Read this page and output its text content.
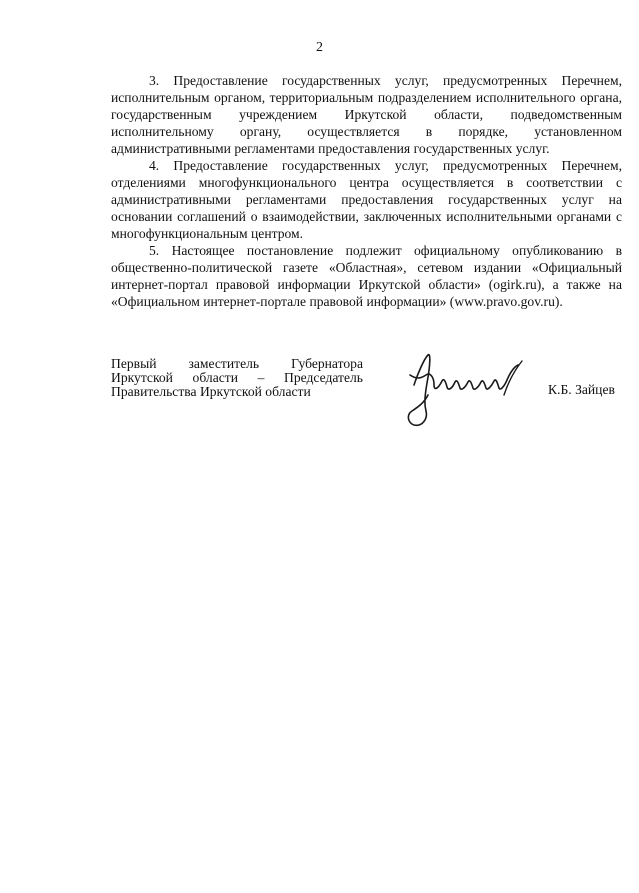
2

3. Предоставление государственных услуг, предусмотренных Перечнем, исполнительным органом, территориальным подразделением исполнительного органа, государственным учреждением Иркутской области, подведомственным исполнительному органу, осуществляется в порядке, установленном административными регламентами предоставления государственных услуг.

4. Предоставление государственных услуг, предусмотренных Перечнем, отделениями многофункционального центра осуществляется в соответствии с административными регламентами предоставления государственных услуг на основании соглашений о взаимодействии, заключенных исполнительными органами с многофункциональным центром.

5. Настоящее постановление подлежит официальному опубликованию в общественно-политической газете «Областная», сетевом издании «Официальный интернет-портал правовой информации Иркутской области» (ogirk.ru), а также на «Официальном интернет-портале правовой информации» (www.pravo.gov.ru).

Первый заместитель Губернатора
Иркутской области – Председатель
Правительства Иркутской области	К.Б. Зайцев
